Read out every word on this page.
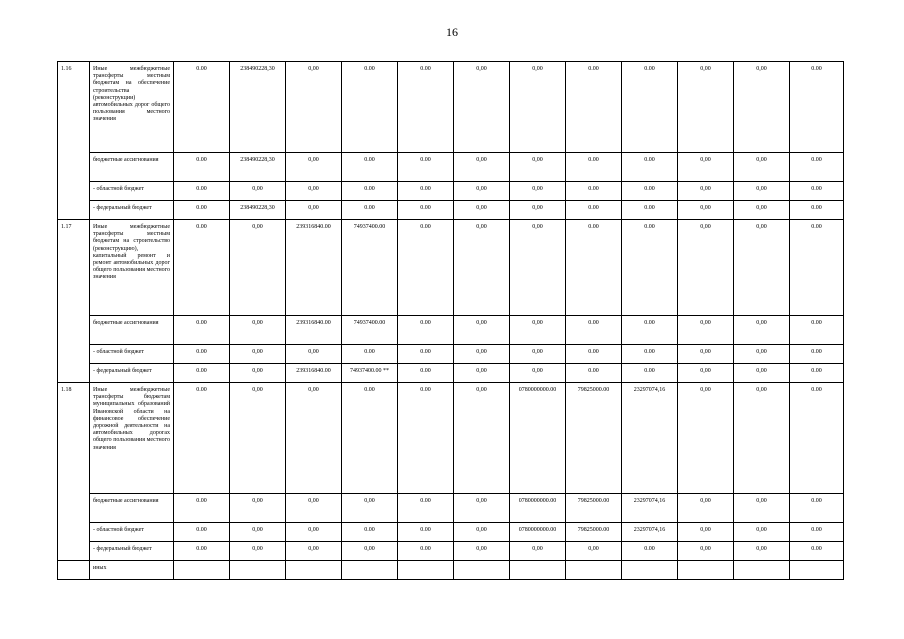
16
1.16	Иные межбюджетные трансферты местным бюджетам на обеспечение строительства (реконструкции) автомобильных дорог общего пользования местного значения	0.00	238490228,30	0,00	0.00	0.00	0,00	0,00	0.00	0.00	0,00	0,00	0.00
	бюджетные ассигнования	0.00	238490228,30	0,00	0.00	0.00	0,00	0,00	0.00	0.00	0,00	0,00	0.00
	- областной бюджет	0.00	0,00	0,00	0.00	0.00	0,00	0,00	0.00	0.00	0,00	0,00	0.00
	- федеральный бюджет	0.00	238490228,30	0,00	0.00	0.00	0,00	0,00	0.00	0.00	0,00	0,00	0.00
1.17	Иные межбюджетные трансферты местным бюджетам на строительство (реконструкцию), капитальный ремонт и ремонт автомобильных дорог общего пользования местного значения	0.00	0,00	239316840.00	74937400.00	0.00	0,00	0,00	0.00	0.00	0,00	0,00	0.00
	бюджетные ассигнования	0.00	0,00	239316840.00	74937400.00	0.00	0,00	0,00	0.00	0.00	0,00	0,00	0.00
	- областной бюджет	0.00	0,00	0,00	0.00	0.00	0,00	0,00	0.00	0.00	0,00	0,00	0.00
	- федеральный бюджет	0.00	0,00	239316840.00	74937400.00 **	0.00	0,00	0,00	0.00	0.00	0,00	0,00	0.00
1.18	Иные межбюджетные трансферты бюджетам муниципальных образований Ивановской области на финансовое обеспечение дорожной деятельности на автомобильных дорогах общего пользования местного значения	0.00	0,00	0,00	0.00	0.00	0,00	0780000000.00	79825000.00	23297074,16	0,00	0,00	0.00
	бюджетные ассигнования	0.00	0,00	0,00	0,00	0.00	0,00	0780000000.00	79825000.00	23297074,16	0,00	0,00	0.00
	- областной бюджет	0.00	0,00	0,00	0.00	0.00	0,00	0780000000.00	79825000.00	23297074,16	0,00	0,00	0.00
	- федеральный бюджет	0.00	0,00	0,00	0,00	0.00	0,00	0,00	0,00	0.00	0,00	0,00	0.00
	иных												
